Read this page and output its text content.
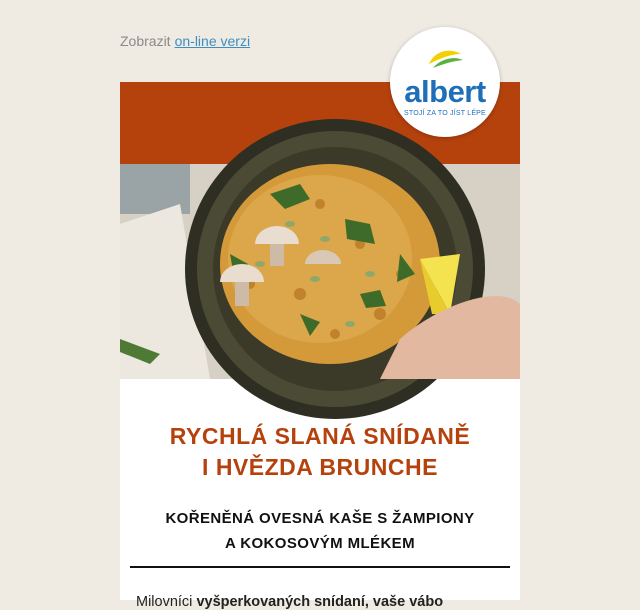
Zobrazit on-line verzi
albert
STOJÍ ZA TO JÍST LÉPE
RYCHLÁ SLANÁ SNÍDANĚ
I HVĚZDA BRUNCHE
KOŘENĚNÁ OVESNÁ KAŠE S ŽAMPIONY
A KOKOSOVÝM MLÉKEM

Milovníci vyšperkovaných snídaní, vaše vábo
